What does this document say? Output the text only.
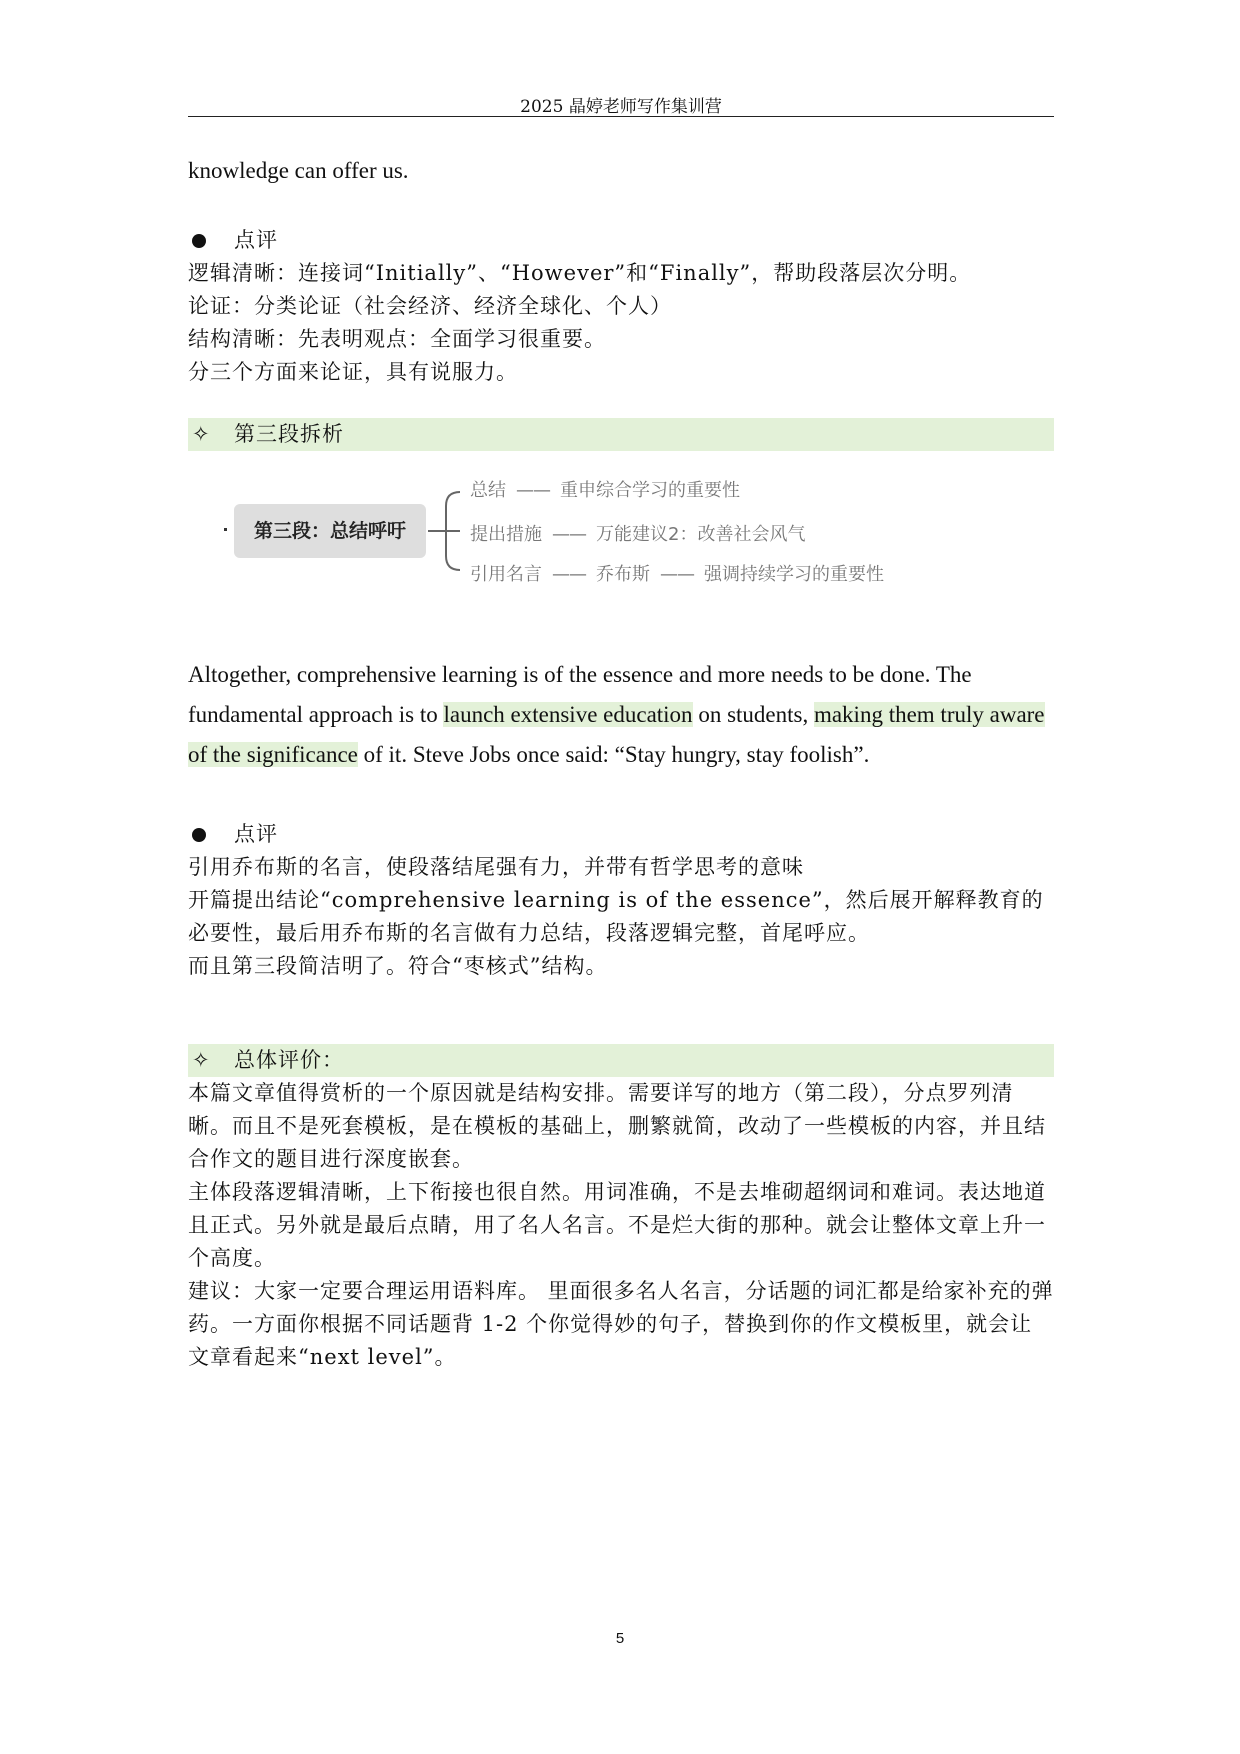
2025 晶婷老师写作集训营
knowledge can offer us.
点评
逻辑清晰：连接词“Initially”、“However”和“Finally”，帮助段落层次分明。
论证：分类论证（社会经济、经济全球化、个人）
结构清晰：先表明观点：全面学习很重要。
分三个方面来论证，具有说服力。
✧ 第三段拆析
第三段：总结呼吁
总结 —— 重申综合学习的重要性
提出措施 —— 万能建议2：改善社会风气
引用名言 —— 乔布斯 —— 强调持续学习的重要性
Altogether, comprehensive learning is of the essence and more needs to be done. The fundamental approach is to launch extensive education on students, making them truly aware of the significance of it. Steve Jobs once said: “Stay hungry, stay foolish”.
点评
引用乔布斯的名言，使段落结尾强有力，并带有哲学思考的意味
开篇提出结论“comprehensive learning is of the essence”，然后展开解释教育的必要性，最后用乔布斯的名言做有力总结，段落逻辑完整，首尾呼应。
而且第三段简洁明了。符合“枣核式”结构。
✧ 总体评价：
本篇文章值得赏析的一个原因就是结构安排。需要详写的地方（第二段），分点罗列清晰。而且不是死套模板，是在模板的基础上，删繁就简，改动了一些模板的内容，并且结合作文的题目进行深度嵌套。
主体段落逻辑清晰，上下衔接也很自然。用词准确，不是去堆砌超纲词和难词。表达地道且正式。另外就是最后点睛，用了名人名言。不是烂大街的那种。就会让整体文章上升一个高度。
建议：大家一定要合理运用语料库。 里面很多名人名言，分话题的词汇都是给家补充的弹药。一方面你根据不同话题背 1-2 个你觉得妙的句子，替换到你的作文模板里，就会让文章看起来“next level”。
5
